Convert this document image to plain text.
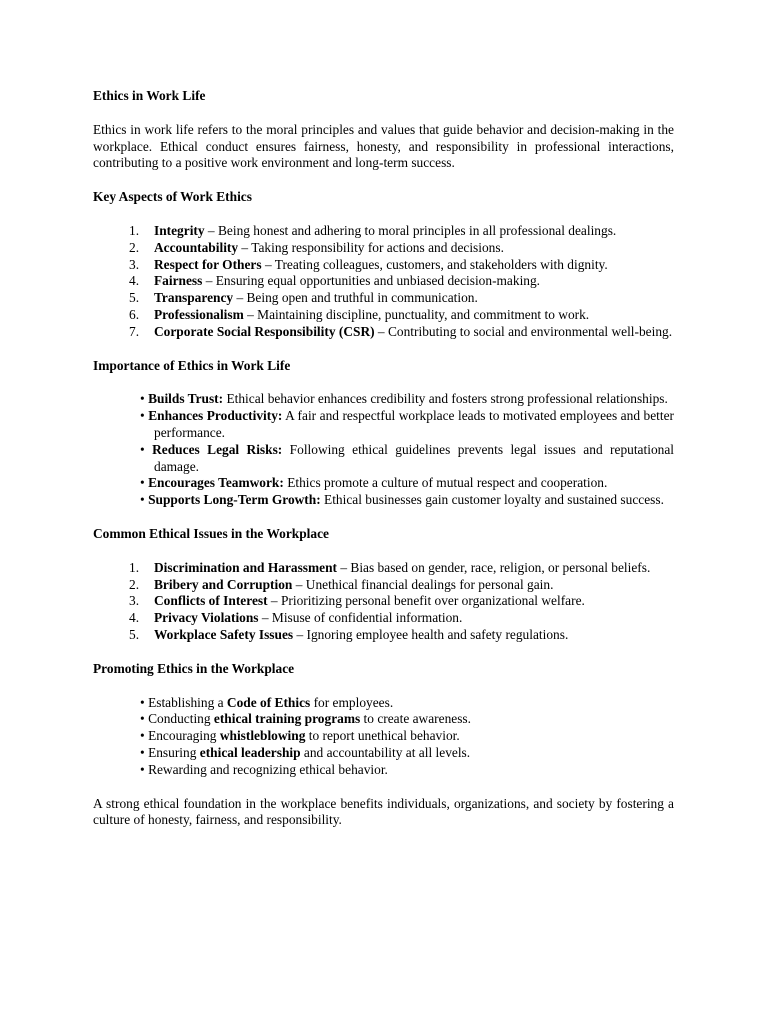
Ethics in Work Life

Ethics in work life refers to the moral principles and values that guide behavior and decision-making in the workplace. Ethical conduct ensures fairness, honesty, and responsibility in professional interactions, contributing to a positive work environment and long-term success.

Key Aspects of Work Ethics
1. Integrity – Being honest and adhering to moral principles in all professional dealings.
2. Accountability – Taking responsibility for actions and decisions.
3. Respect for Others – Treating colleagues, customers, and stakeholders with dignity.
4. Fairness – Ensuring equal opportunities and unbiased decision-making.
5. Transparency – Being open and truthful in communication.
6. Professionalism – Maintaining discipline, punctuality, and commitment to work.
7. Corporate Social Responsibility (CSR) – Contributing to social and environmental well-being.
Importance of Ethics in Work Life
• Builds Trust: Ethical behavior enhances credibility and fosters strong professional relationships.
• Enhances Productivity: A fair and respectful workplace leads to motivated employees and better performance.
• Reduces Legal Risks: Following ethical guidelines prevents legal issues and reputational damage.
• Encourages Teamwork: Ethics promote a culture of mutual respect and cooperation.
• Supports Long-Term Growth: Ethical businesses gain customer loyalty and sustained success.
Common Ethical Issues in the Workplace
1. Discrimination and Harassment – Bias based on gender, race, religion, or personal beliefs.
2. Bribery and Corruption – Unethical financial dealings for personal gain.
3. Conflicts of Interest – Prioritizing personal benefit over organizational welfare.
4. Privacy Violations – Misuse of confidential information.
5. Workplace Safety Issues – Ignoring employee health and safety regulations.
Promoting Ethics in the Workplace
• Establishing a Code of Ethics for employees.
• Conducting ethical training programs to create awareness.
• Encouraging whistleblowing to report unethical behavior.
• Ensuring ethical leadership and accountability at all levels.
• Rewarding and recognizing ethical behavior.

A strong ethical foundation in the workplace benefits individuals, organizations, and society by fostering a culture of honesty, fairness, and responsibility.
